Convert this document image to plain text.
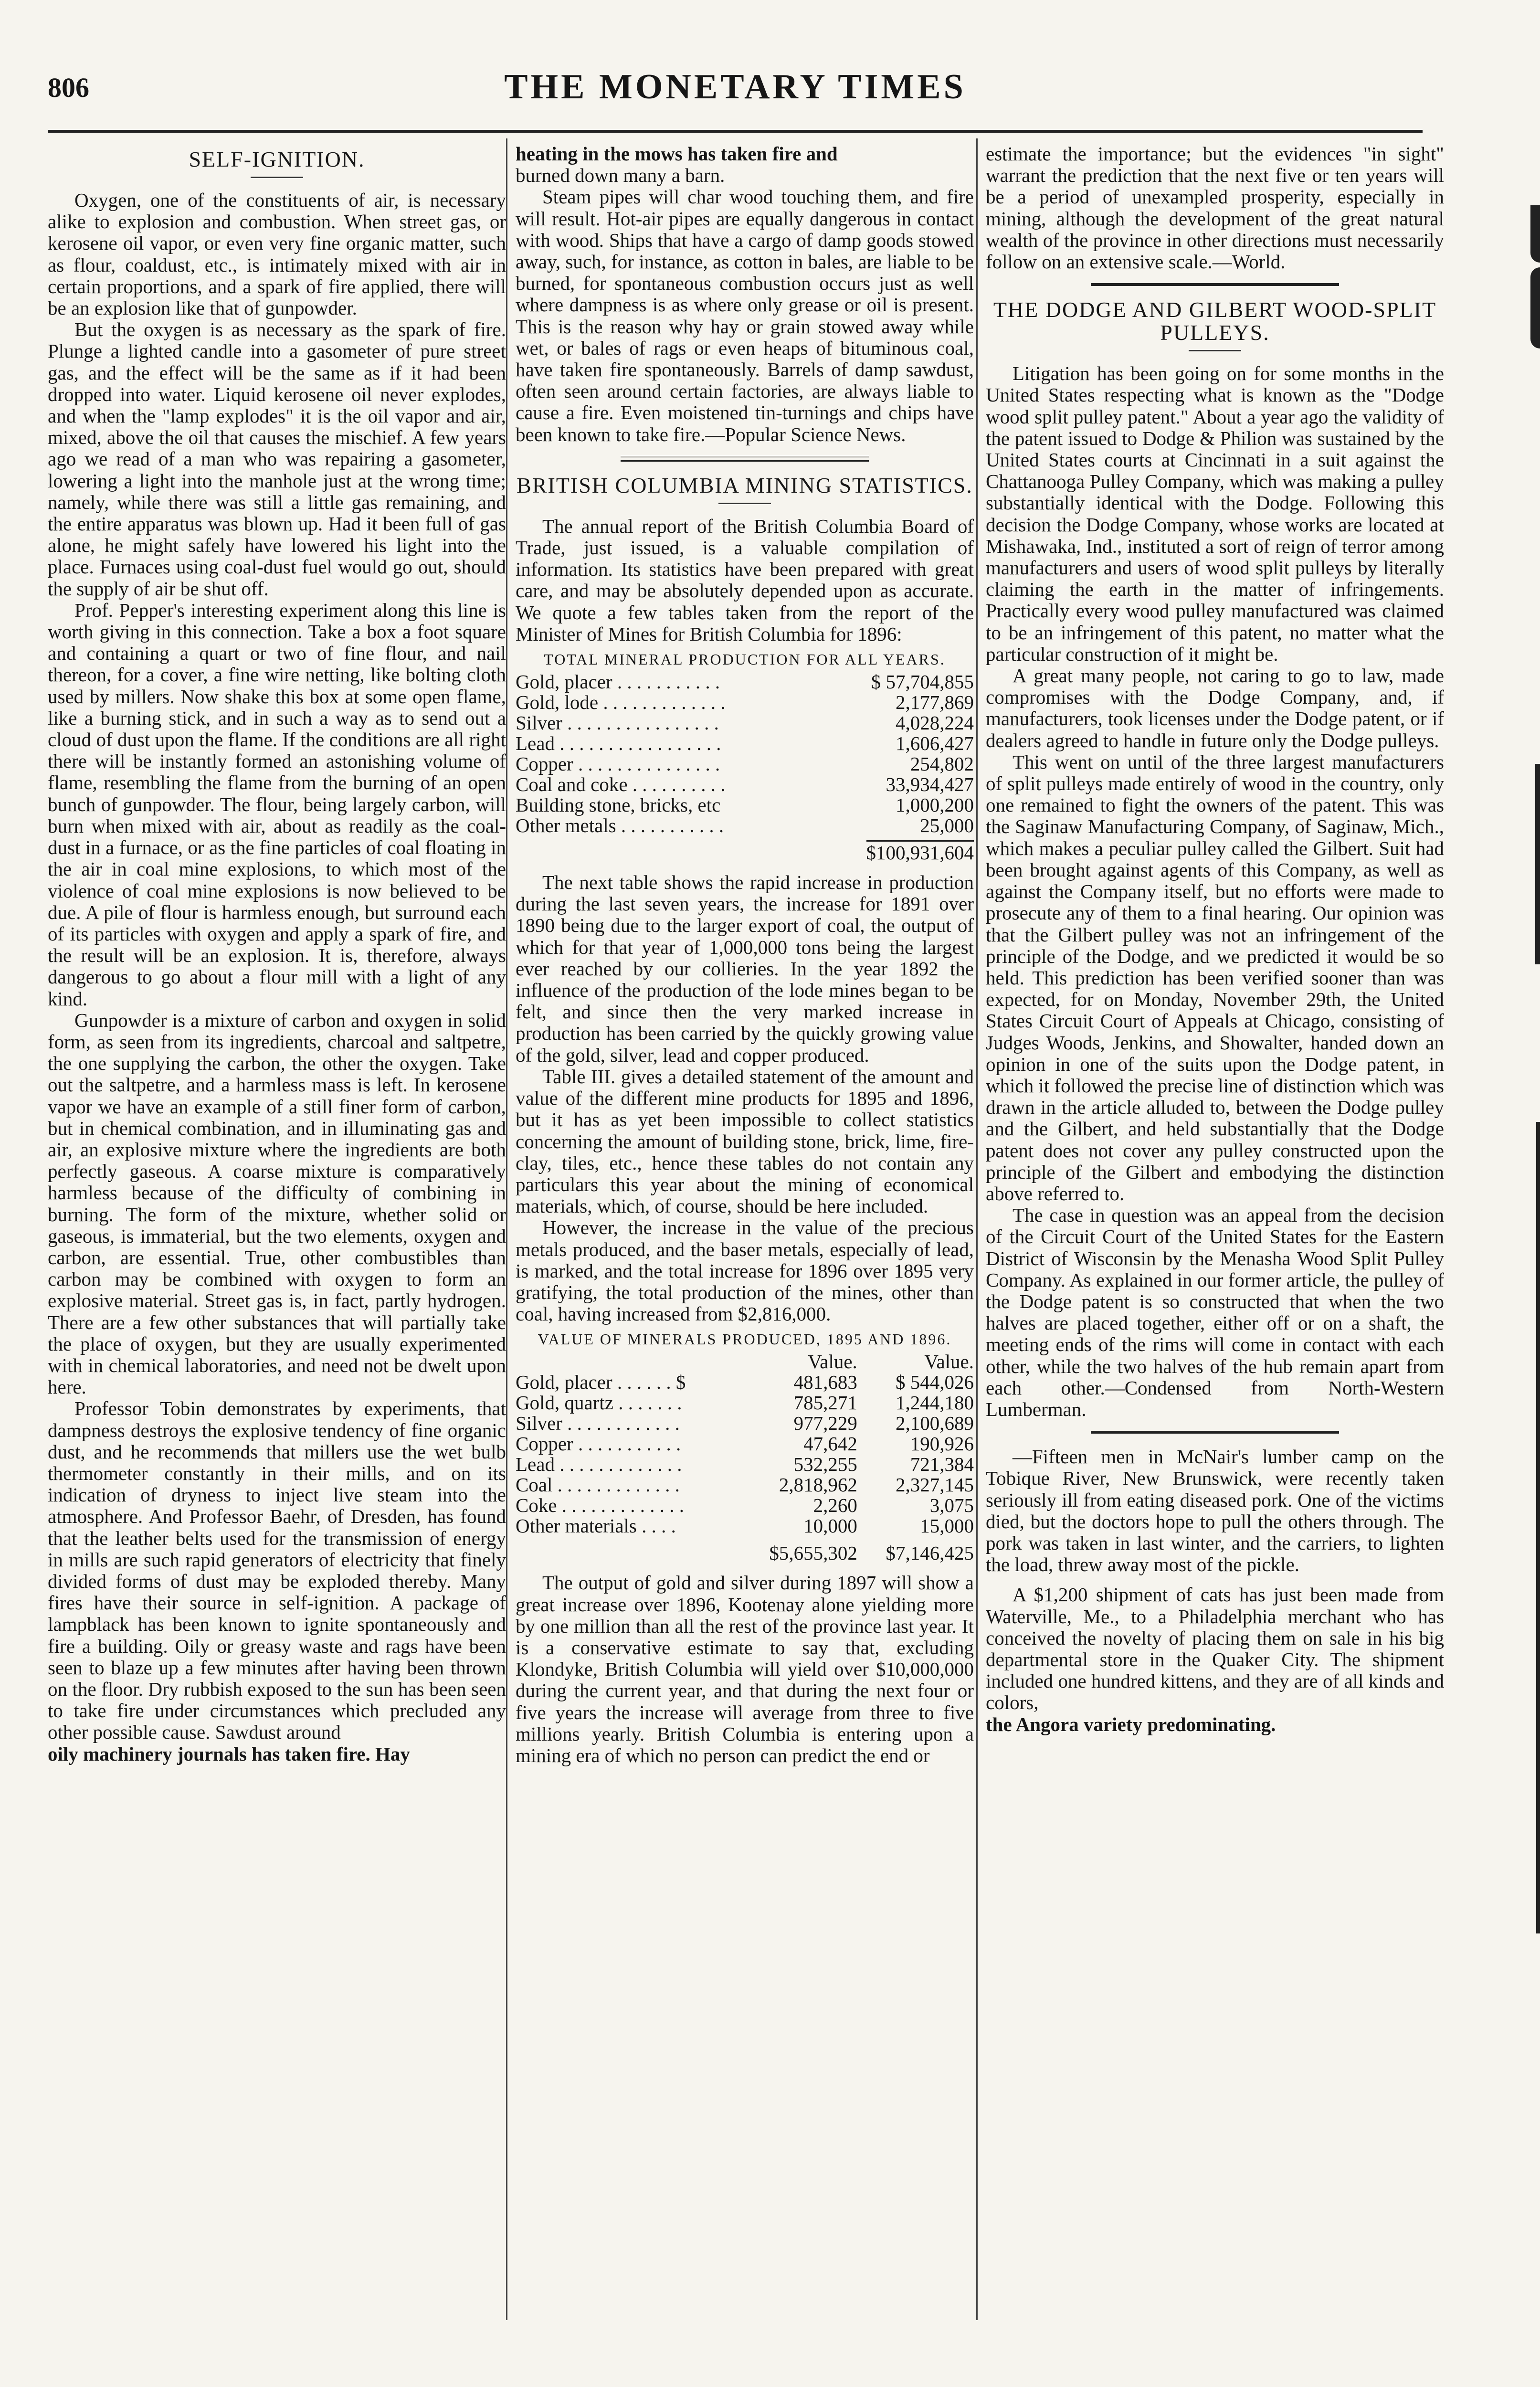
806	THE MONETARY TIMES
SELF-IGNITION.

Oxygen, one of the constituents of air, is necessary alike to explosion and combustion. When street gas, or kerosene oil vapor, or even very fine organic matter, such as flour, coaldust, etc., is intimately mixed with air in certain proportions, and a spark of fire applied, there will be an explosion like that of gunpowder.

But the oxygen is as necessary as the spark of fire. Plunge a lighted candle into a gasometer of pure street gas, and the effect will be the same as if it had been dropped into water. Liquid kerosene oil never explodes, and when the "lamp explodes" it is the oil vapor and air, mixed, above the oil that causes the mischief. A few years ago we read of a man who was repairing a gasometer, lowering a light into the manhole just at the wrong time; namely, while there was still a little gas remaining, and the entire apparatus was blown up. Had it been full of gas alone, he might safely have lowered his light into the place. Furnaces using coal-dust fuel would go out, should the supply of air be shut off.

Prof. Pepper's interesting experiment along this line is worth giving in this connection. Take a box a foot square and containing a quart or two of fine flour, and nail thereon, for a cover, a fine wire netting, like bolting cloth used by millers. Now shake this box at some open flame, like a burning stick, and in such a way as to send out a cloud of dust upon the flame. If the conditions are all right there will be instantly formed an astonishing volume of flame, resembling the flame from the burning of an open bunch of gunpowder. The flour, being largely carbon, will burn when mixed with air, about as readily as the coal-dust in a furnace, or as the fine particles of coal floating in the air in coal mine explosions, to which most of the violence of coal mine explosions is now believed to be due. A pile of flour is harmless enough, but surround each of its particles with oxygen and apply a spark of fire, and the result will be an explosion. It is, therefore, always dangerous to go about a flour mill with a light of any kind.

Gunpowder is a mixture of carbon and oxygen in solid form, as seen from its ingredients, charcoal and saltpetre, the one supplying the carbon, the other the oxygen. Take out the saltpetre, and a harmless mass is left. In kerosene vapor we have an example of a still finer form of carbon, but in chemical combination, and in illuminating gas and air, an explosive mixture where the ingredients are both perfectly gaseous. A coarse mixture is comparatively harmless because of the difficulty of combining in burning. The form of the mixture, whether solid or gaseous, is immaterial, but the two elements, oxygen and carbon, are essential. True, other combustibles than carbon may be combined with oxygen to form an explosive material. Street gas is, in fact, partly hydrogen. There are a few other substances that will partially take the place of oxygen, but they are usually experimented with in chemical laboratories, and need not be dwelt upon here.

Professor Tobin demonstrates by experiments, that dampness destroys the explosive tendency of fine organic dust, and he recommends that millers use the wet bulb thermometer constantly in their mills, and on its indication of dryness to inject live steam into the atmosphere. And Professor Baehr, of Dresden, has found that the leather belts used for the transmission of energy in mills are such rapid generators of electricity that finely divided forms of dust may be exploded thereby. Many fires have their source in self-ignition. A package of lampblack has been known to ignite spontaneously and fire a building. Oily or greasy waste and rags have been seen to blaze up a few minutes after having been thrown on the floor. Dry rubbish exposed to the sun has been seen to take fire under circumstances which precluded any other possible cause. Sawdust around

oily machinery journals has taken fire. Hay

heating in the mows has taken fire and

burned down many a barn.

Steam pipes will char wood touching them, and fire will result. Hot-air pipes are equally dangerous in contact with wood. Ships that have a cargo of damp goods stowed away, such, for instance, as cotton in bales, are liable to be burned, for spontaneous combustion occurs just as well where dampness is as where only grease or oil is present. This is the reason why hay or grain stowed away while wet, or bales of rags or even heaps of bituminous coal, have taken fire spontaneously. Barrels of damp sawdust, often seen around certain factories, are always liable to cause a fire. Even moistened tin-turnings and chips have been known to take fire.—Popular Science News.

BRITISH COLUMBIA MINING STATISTICS.

The annual report of the British Columbia Board of Trade, just issued, is a valuable compilation of information. Its statistics have been prepared with great care, and may be absolutely depended upon as accurate. We quote a few tables taken from the report of the Minister of Mines for British Columbia for 1896:

TOTAL MINERAL PRODUCTION FOR ALL YEARS.
Gold, placer . . . . . . . . . . .	$ 57,704,855
Gold, lode . . . . . . . . . . . . .	2,177,869
Silver . . . . . . . . . . . . . . . .	4,028,224
Lead . . . . . . . . . . . . . . . . .	1,606,427
Copper . . . . . . . . . . . . . . .	254,802
Coal and coke . . . . . . . . . .	33,934,427
Building stone, bricks, etc	1,000,200
Other metals . . . . . . . . . . .	25,000
	$100,931,604

The next table shows the rapid increase in production during the last seven years, the increase for 1891 over 1890 being due to the larger export of coal, the output of which for that year of 1,000,000 tons being the largest ever reached by our collieries. In the year 1892 the influence of the production of the lode mines began to be felt, and since then the very marked increase in production has been carried by the quickly growing value of the gold, silver, lead and copper produced.

Table III. gives a detailed statement of the amount and value of the different mine products for 1895 and 1896, but it has as yet been impossible to collect statistics concerning the amount of building stone, brick, lime, fire-clay, tiles, etc., hence these tables do not contain any particulars this year about the mining of economical materials, which, of course, should be here included.

However, the increase in the value of the precious metals produced, and the baser metals, especially of lead, is marked, and the total increase for 1896 over 1895 very gratifying, the total production of the mines, other than coal, having increased from $2,816,000.

VALUE OF MINERALS PRODUCED, 1895 AND 1896.
	Value.	Value.
Gold, placer . . . . . . $	481,683	$ 544,026
Gold, quartz . . . . . . .	785,271	1,244,180
Silver . . . . . . . . . . . .	977,229	2,100,689
Copper . . . . . . . . . . .	47,642	190,926
Lead . . . . . . . . . . . . .	532,255	721,384
Coal . . . . . . . . . . . . .	2,818,962	2,327,145
Coke . . . . . . . . . . . . .	2,260	3,075
Other materials . . . .	10,000	15,000
	$5,655,302	$7,146,425

The output of gold and silver during 1897 will show a great increase over 1896, Kootenay alone yielding more by one million than all the rest of the province last year. It is a conservative estimate to say that, excluding Klondyke, British Columbia will yield over $10,000,000 during the current year, and that during the next four or five years the increase will average from three to five millions yearly. British Columbia is entering upon a mining era of which no person can predict the end or

estimate the importance; but the evidences "in sight" warrant the prediction that the next five or ten years will be a period of unexampled prosperity, especially in mining, although the development of the great natural wealth of the province in other directions must necessarily follow on an extensive scale.—World.

THE DODGE AND GILBERT WOOD-SPLIT PULLEYS.

Litigation has been going on for some months in the United States respecting what is known as the "Dodge wood split pulley patent." About a year ago the validity of the patent issued to Dodge & Philion was sustained by the United States courts at Cincinnati in a suit against the Chattanooga Pulley Company, which was making a pulley substantially identical with the Dodge. Following this decision the Dodge Company, whose works are located at Mishawaka, Ind., instituted a sort of reign of terror among manufacturers and users of wood split pulleys by literally claiming the earth in the matter of infringements. Practically every wood pulley manufactured was claimed to be an infringement of this patent, no matter what the particular construction of it might be.

A great many people, not caring to go to law, made compromises with the Dodge Company, and, if manufacturers, took licenses under the Dodge patent, or if dealers agreed to handle in future only the Dodge pulleys.

This went on until of the three largest manufacturers of split pulleys made entirely of wood in the country, only one remained to fight the owners of the patent. This was the Saginaw Manufacturing Company, of Saginaw, Mich., which makes a peculiar pulley called the Gilbert. Suit had been brought against agents of this Company, as well as against the Company itself, but no efforts were made to prosecute any of them to a final hearing. Our opinion was that the Gilbert pulley was not an infringement of the principle of the Dodge, and we predicted it would be so held. This prediction has been verified sooner than was expected, for on Monday, November 29th, the United States Circuit Court of Appeals at Chicago, consisting of Judges Woods, Jenkins, and Showalter, handed down an opinion in one of the suits upon the Dodge patent, in which it followed the precise line of distinction which was drawn in the article alluded to, between the Dodge pulley and the Gilbert, and held substantially that the Dodge patent does not cover any pulley constructed upon the principle of the Gilbert and embodying the distinction above referred to.

The case in question was an appeal from the decision of the Circuit Court of the United States for the Eastern District of Wisconsin by the Menasha Wood Split Pulley Company. As explained in our former article, the pulley of the Dodge patent is so constructed that when the two halves are placed together, either off or on a shaft, the meeting ends of the rims will come in contact with each other, while the two halves of the hub remain apart from each other.—Condensed from North-Western Lumberman.

—Fifteen men in McNair's lumber camp on the Tobique River, New Brunswick, were recently taken seriously ill from eating diseased pork. One of the victims died, but the doctors hope to pull the others through. The pork was taken in last winter, and the carriers, to lighten the load, threw away most of the pickle.

A $1,200 shipment of cats has just been made from Waterville, Me., to a Philadelphia merchant who has conceived the novelty of placing them on sale in his big departmental store in the Quaker City. The shipment included one hundred kittens, and they are of all kinds and colors,

the Angora variety predominating.
